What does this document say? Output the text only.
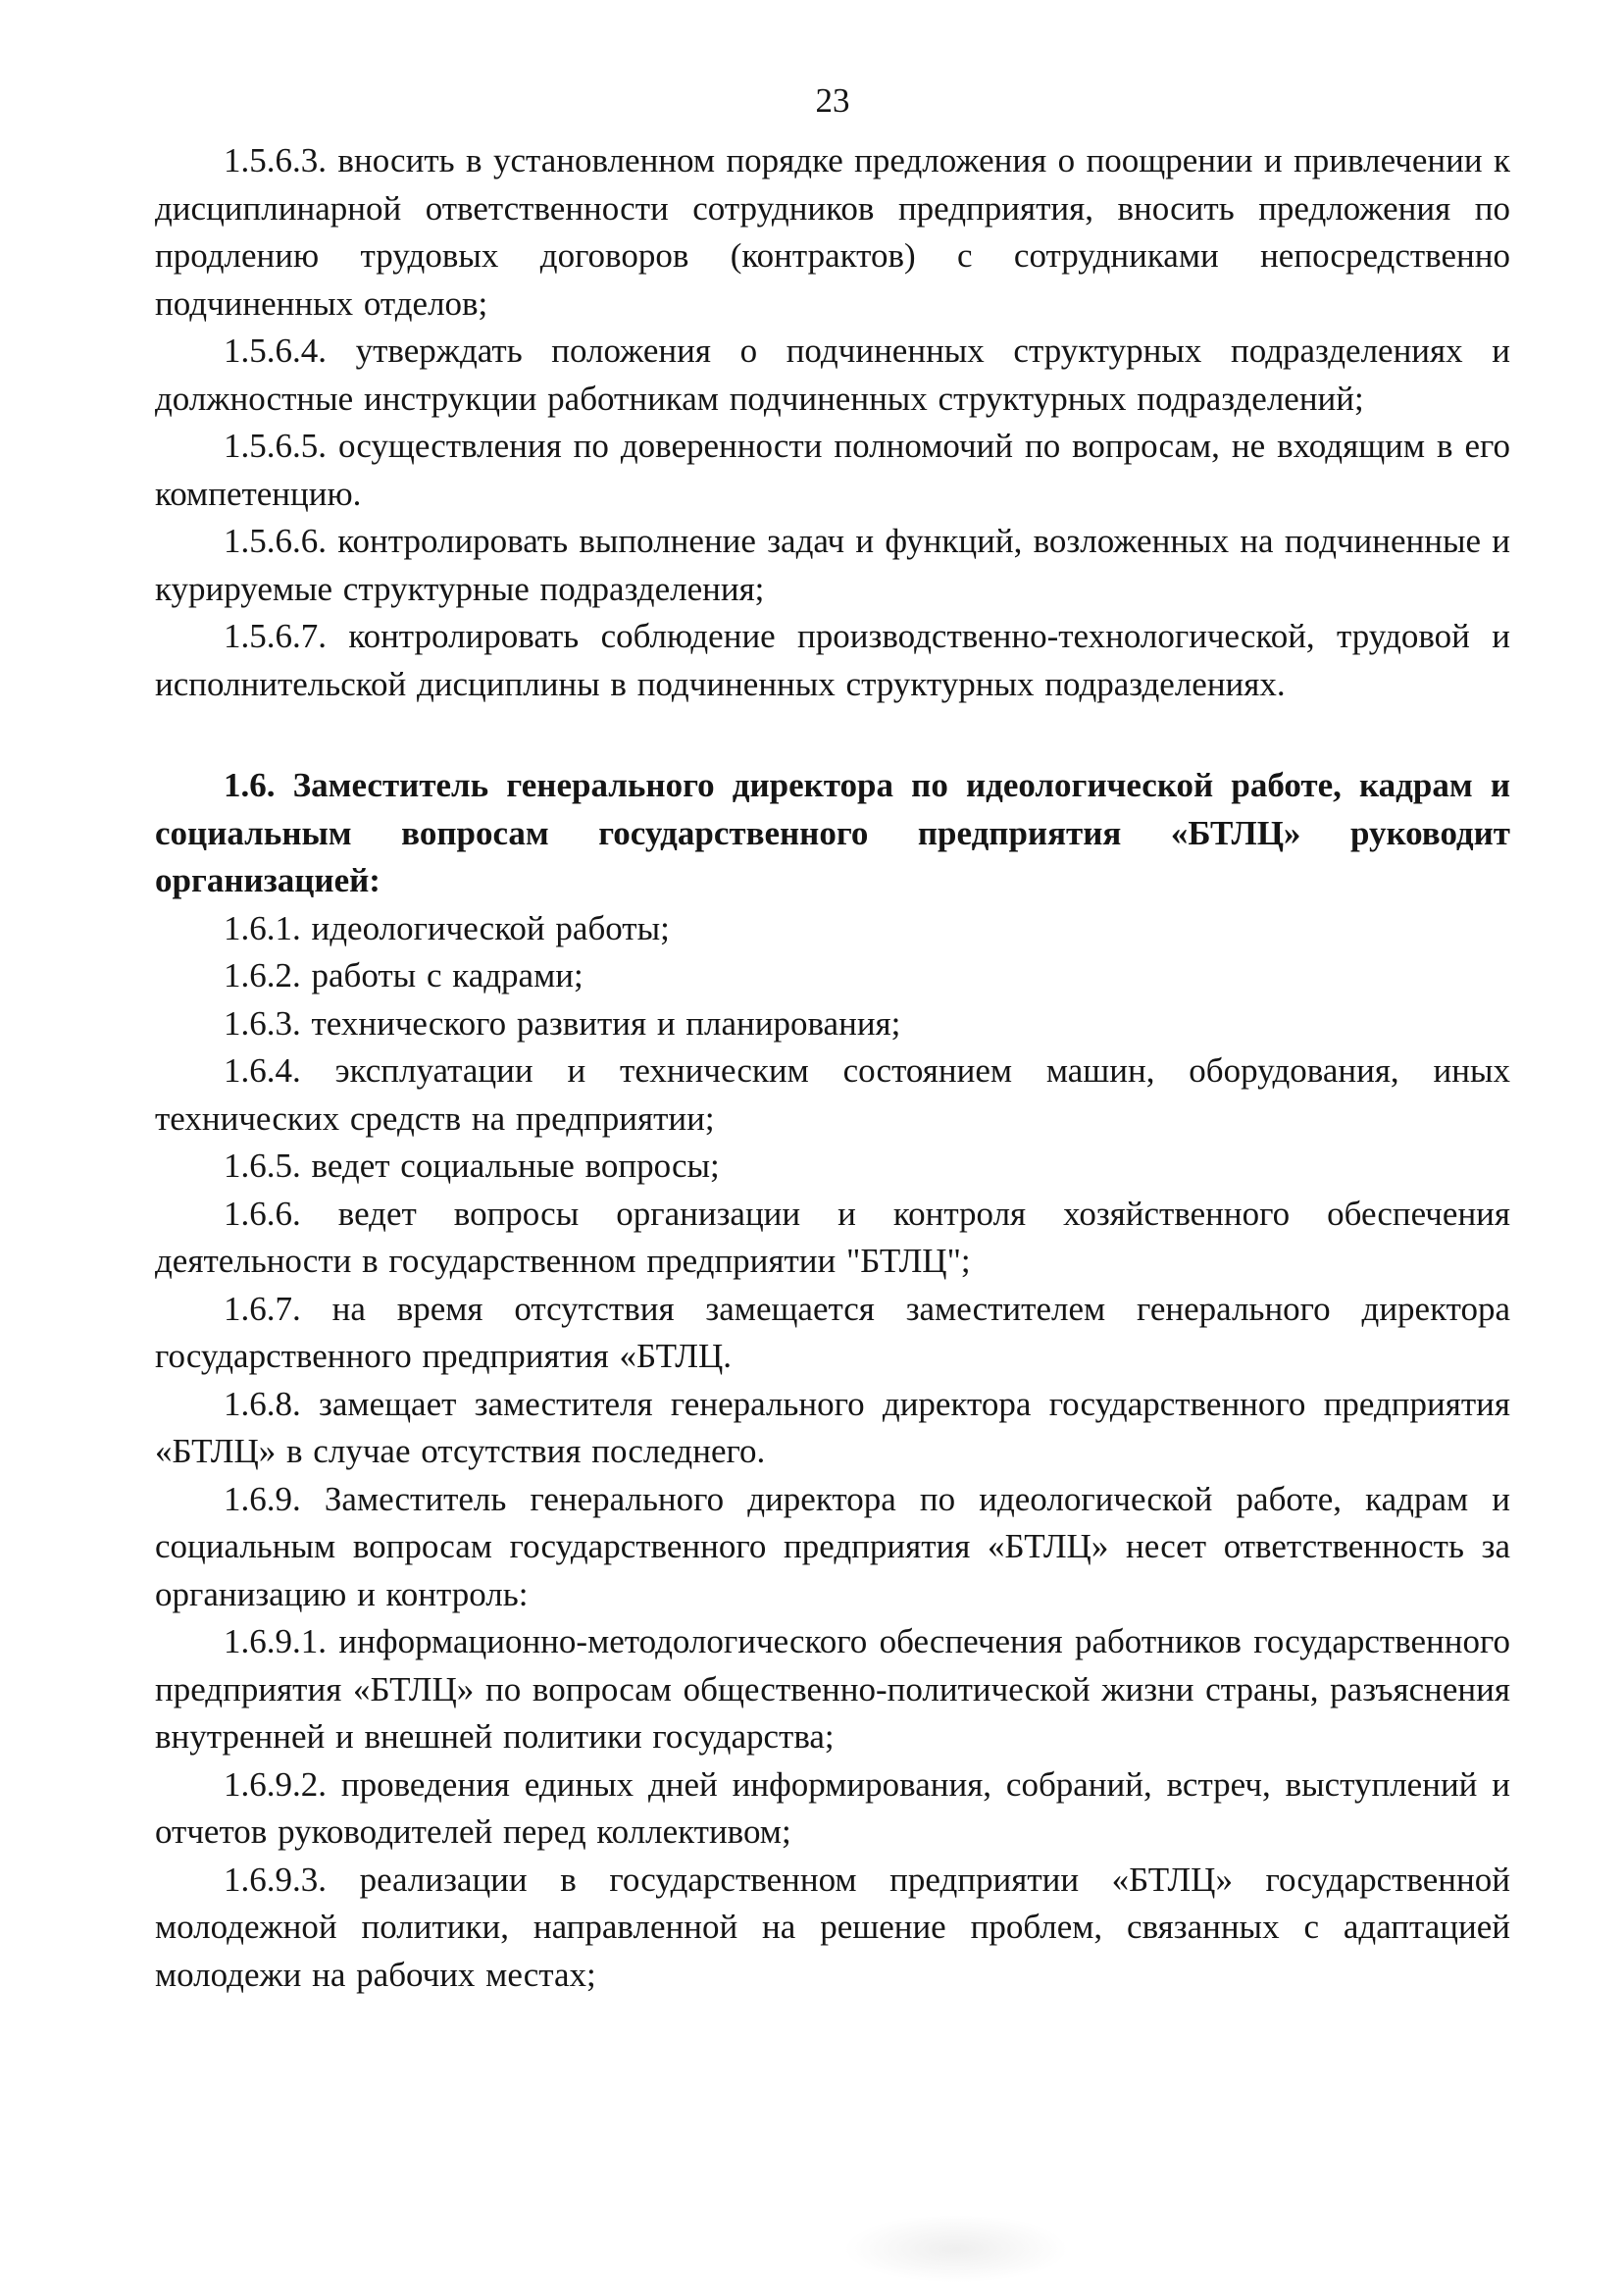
23

1.5.6.3. вносить в установленном порядке предложения о поощрении и привлечении к дисциплинарной ответственности сотрудников предприятия, вносить предложения по продлению трудовых договоров (контрактов) с сотрудниками непосредственно подчиненных отделов;

1.5.6.4. утверждать положения о подчиненных структурных подразделениях и должностные инструкции работникам подчиненных структурных подразделений;

1.5.6.5. осуществления по доверенности полномочий по вопросам, не входящим в его компетенцию.

1.5.6.6. контролировать выполнение задач и функций, возложенных на подчиненные и курируемые структурные подразделения;

1.5.6.7. контролировать соблюдение производственно-технологической, трудовой и исполнительской дисциплины в подчиненных структурных подразделениях.

1.6. Заместитель генерального директора по идеологической работе, кадрам и социальным вопросам государственного предприятия «БТЛЦ» руководит организацией:

1.6.1. идеологической работы;

1.6.2. работы с кадрами;

1.6.3. технического развития и планирования;

1.6.4. эксплуатации и техническим состоянием машин, оборудования, иных технических средств на предприятии;

1.6.5. ведет социальные вопросы;

1.6.6. ведет вопросы организации и контроля хозяйственного обеспечения деятельности в государственном предприятии "БТЛЦ";

1.6.7. на время отсутствия замещается заместителем генерального директора государственного предприятия «БТЛЦ.

1.6.8. замещает заместителя генерального директора государственного предприятия «БТЛЦ» в случае отсутствия последнего.

1.6.9. Заместитель генерального директора по идеологической работе, кадрам и социальным вопросам государственного предприятия «БТЛЦ» несет ответственность за организацию и контроль:

1.6.9.1. информационно-методологического обеспечения работников государственного предприятия «БТЛЦ» по вопросам общественно-политической жизни страны, разъяснения внутренней и внешней политики государства;

1.6.9.2. проведения единых дней информирования, собраний, встреч, выступлений и отчетов руководителей перед коллективом;

1.6.9.3. реализации в государственном предприятии «БТЛЦ» государственной молодежной политики, направленной на решение проблем, связанных с адаптацией молодежи на рабочих местах;
